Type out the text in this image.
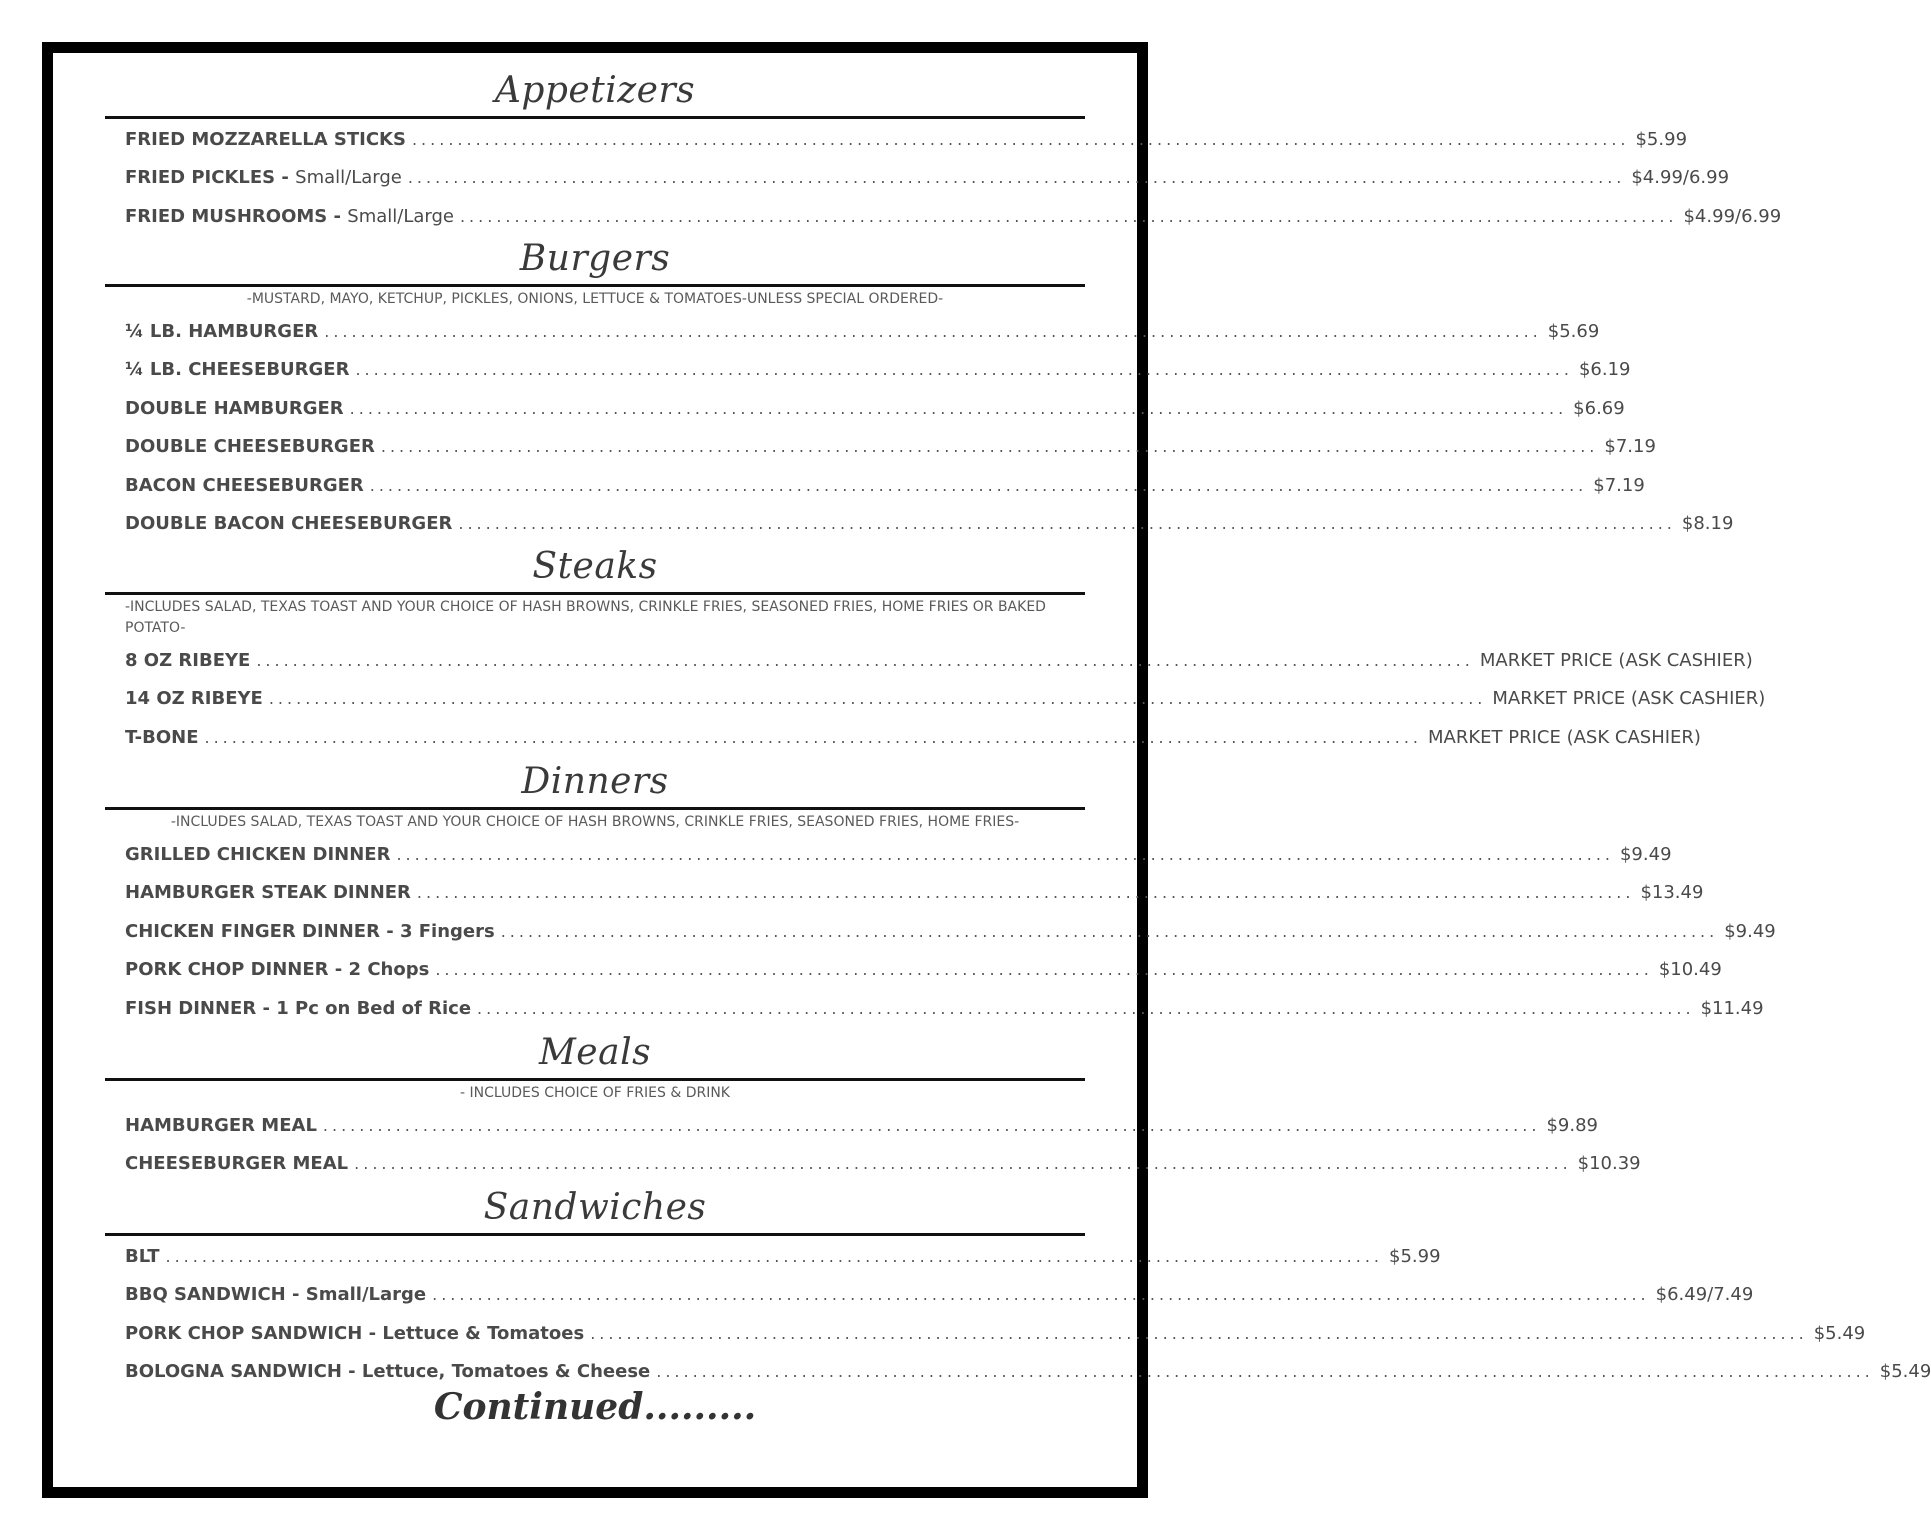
Appetizers
FRIED MOZZARELLA STICKS ...................................................................................................................................... $5.99
FRIED PICKLES - Small/Large ...................................................................................................................................... $4.99/6.99
FRIED MUSHROOMS - Small/Large ...................................................................................................................................... $4.99/6.99
Burgers
-MUSTARD, MAYO, KETCHUP, PICKLES, ONIONS, LETTUCE & TOMATOES-UNLESS SPECIAL ORDERED-
¼ LB. HAMBURGER ...................................................................................................................................... $5.69
¼ LB. CHEESEBURGER ...................................................................................................................................... $6.19
DOUBLE HAMBURGER ...................................................................................................................................... $6.69
DOUBLE CHEESEBURGER ...................................................................................................................................... $7.19
BACON CHEESEBURGER ...................................................................................................................................... $7.19
DOUBLE BACON CHEESEBURGER ...................................................................................................................................... $8.19
Steaks
-INCLUDES SALAD, TEXAS TOAST AND YOUR CHOICE OF HASH BROWNS, CRINKLE FRIES, SEASONED FRIES, HOME FRIES OR BAKED POTATO-
8 OZ RIBEYE ...................................................................................................................................... MARKET PRICE (ASK CASHIER)
14 OZ RIBEYE ...................................................................................................................................... MARKET PRICE (ASK CASHIER)
T-BONE ...................................................................................................................................... MARKET PRICE (ASK CASHIER)
Dinners
-INCLUDES SALAD, TEXAS TOAST AND YOUR CHOICE OF HASH BROWNS, CRINKLE FRIES, SEASONED FRIES, HOME FRIES-
GRILLED CHICKEN DINNER ...................................................................................................................................... $9.49
HAMBURGER STEAK DINNER ...................................................................................................................................... $13.49
CHICKEN FINGER DINNER - 3 Fingers ...................................................................................................................................... $9.49
PORK CHOP DINNER - 2 Chops ...................................................................................................................................... $10.49
FISH DINNER - 1 Pc on Bed of Rice ...................................................................................................................................... $11.49
Meals
- INCLUDES CHOICE OF FRIES & DRINK
HAMBURGER MEAL ...................................................................................................................................... $9.89
CHEESEBURGER MEAL ...................................................................................................................................... $10.39
Sandwiches
BLT ...................................................................................................................................... $5.99
BBQ SANDWICH - Small/Large ...................................................................................................................................... $6.49/7.49
PORK CHOP SANDWICH - Lettuce & Tomatoes ...................................................................................................................................... $5.49
BOLOGNA SANDWICH - Lettuce, Tomatoes & Cheese ...................................................................................................................................... $5.49
Continued.........
